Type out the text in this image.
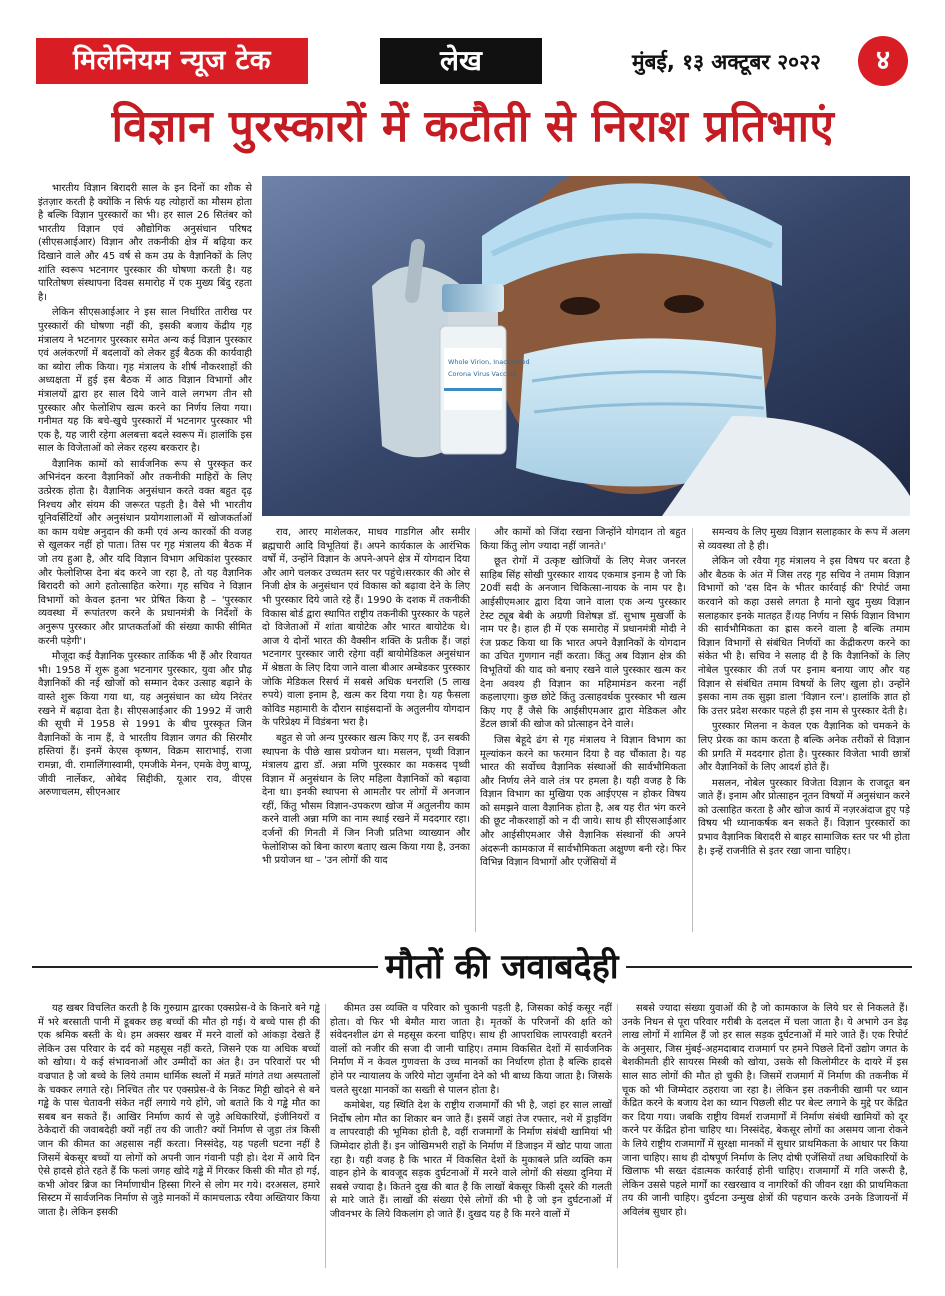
मिलेनियम न्यूज टेक	लेख	मुंबई, १३ अक्टूबर २०२२	४
विज्ञान पुरस्कारों में कटौती से निराश प्रतिभाएं

भारतीय विज्ञान बिरादरी साल के इन दिनों का शौक से इंतज़ार करती है क्योंकि न सिर्फ यह त्योहारों का मौसम होता है बल्कि विज्ञान पुरस्कारों का भी। हर साल 26 सितंबर को भारतीय विज्ञान एवं औद्योगिक अनुसंधान परिषद (सीएसआईआर) विज्ञान और तकनीकी क्षेत्र में बढ़िया कर दिखाने वाले और 45 वर्ष से कम उम्र के वैज्ञानिकों के लिए शांति स्वरूप भटनागर पुरस्कार की घोषणा करती है। यह पारितोषण संस्थापना दिवस समारोह में एक मुख्य बिंदु रहता है।

लेकिन सीएसआईआर ने इस साल निर्धारित तारीख पर पुरस्कारों की घोषणा नहीं की, इसकी बजाय केंद्रीय गृह मंत्रालय ने भटनागर पुरस्कार समेत अन्य कई विज्ञान पुरस्कार एवं अलंकरणों में बदलावों को लेकर हुई बैठक की कार्यवाही का ब्योरा लीक किया। गृह मंत्रालय के शीर्ष नौकरशाहों की अध्यक्षता में हुई इस बैठक में आठ विज्ञान विभागों और मंत्रालयों द्वारा हर साल दिये जाने वाले लगभग तीन सौ पुरस्कार और फेलोशिप खत्म करने का निर्णय लिया गया। गनीमत यह कि बचे-खुचे पुरस्कारों में भटनागर पुरस्कार भी एक है, यह जारी रहेगा अलबत्ता बदले स्वरूप में। हालांकि इस साल के विजेताओं को लेकर रहस्य बरकरार है।

वैज्ञानिक कामों को सार्वजनिक रूप से पुरस्कृत कर अभिनंदन करना वैज्ञानिकों और तकनीकी माहिरों के लिए उत्प्रेरक होता है। वैज्ञानिक अनुसंधान करते वक्त बहुत दृढ़ निश्चय और संयम की जरूरत पड़ती है। वैसे भी भारतीय यूनिवर्सिटियों और अनुसंधान प्रयोगशालाओं में खोजकर्ताओं का काम यथेष्ट अनुदान की कमी एवं अन्य कारकों की वजह से खुलकर नहीं हो पाता। तिस पर गृह मंत्रालय की बैठक में जो तय हुआ है, और यदि विज्ञान विभाग अधिकांश पुरस्कार और फेलोशिप्स देना बंद करने जा रहा है, तो यह वैज्ञानिक बिरादरी को आगे हतोत्साहित करेगा। गृह सचिव ने विज्ञान विभागों को केवल इतना भर प्रेषित किया है – 'पुरस्कार व्यवस्था में रूपांतरण करने के प्रधानमंत्री के निर्देशों के अनुरूप पुरस्कार और प्राप्तकर्ताओं की संख्या काफी सीमित करनी पड़ेगी'।

मौजूदा कई वैज्ञानिक पुरस्कार तार्किक भी हैं और रिवायत भी। 1958 में शुरू हुआ भटनागर पुरस्कार, युवा और प्रौढ़ वैज्ञानिकों की नई खोजों को सम्मान देकर उत्साह बढ़ाने के वास्ते शुरू किया गया था, यह अनुसंधान का ध्येय निरंतर रखने में बढ़ावा देता है। सीएसआईआर की 1992 में जारी की सूची में 1958 से 1991 के बीच पुरस्कृत जिन वैज्ञानिकों के नाम हैं, वे भारतीय विज्ञान जगत की सिरमौर हस्तियां हैं। इनमें केएस कृष्णन, विक्रम साराभाई, राजा रामन्ना, वी. रामालिंगास्वामी, एमजीके मेनन, एमके वेणु बाप्पू, जीवी नार्लेकर, ओबेद सिद्दीकी, यूआर राव, वीएस अरुणाचलम, सीएनआर

Whole Virion, Inactivated
Corona Virus Vaccine

राव, आरए माशेलकर, माधव गाडगिल और समीर ब्रह्मचारी आदि विभूतियां हैं। अपने कार्यकाल के आरंभिक वर्षों में, उन्होंने विज्ञान के अपने-अपने क्षेत्र में योगदान दिया और आगे चलकर उच्चतम स्तर पर पहुंचे।सरकार की ओर से निजी क्षेत्र के अनुसंधान एवं विकास को बढ़ावा देने के लिए भी पुरस्कार दिये जाते रहे हैं। 1990 के दशक में तकनीकी विकास बोर्ड द्वारा स्थापित राष्ट्रीय तकनीकी पुरस्कार के पहले दो विजेताओं में शांता बायोटेक और भारत बायोटेक थे। आज ये दोनों भारत की वैक्सीन शक्ति के प्रतीक हैं। जहां भटनागर पुरस्कार जारी रहेगा वहीं बायोमेडिकल अनुसंधान में श्रेष्ठता के लिए दिया जाने वाला बीआर अम्बेडकर पुरस्कार जोकि मेडिकल रिसर्च में सबसे अधिक धनराशि (5 लाख रुपये) वाला इनाम है, खत्म कर दिया गया है। यह फैसला कोविड महामारी के दौरान साइंसदानों के अतुलनीय योगदान के परिप्रेक्ष्य में विडंबना भरा है।

बहुत से जो अन्य पुरस्कार खत्म किए गए हैं, उन सबकी स्थापना के पीछे खास प्रयोजन था। मसलन, पृथ्वी विज्ञान मंत्रालय द्वारा डॉ. अन्ना मणि पुरस्कार का मकसद पृथ्वी विज्ञान में अनुसंधान के लिए महिला वैज्ञानिकों को बढ़ावा देना था। इनकी स्थापना से आमतौर पर लोगों में अनजान रहीं, किंतु भौसम विज्ञान-उपकरण खोज में अतुलनीय काम करने वाली अन्ना मणि का नाम स्थाई रखने में मददगार रहा। दर्जनों की गिनती में जिन निजी प्रतिभा व्याख्यान और फेलोशिप्स को बिना कारण बताए खत्म किया गया है, उनका भी प्रयोजन था – 'उन लोगों की याद

और कामों को जिंदा रखना जिन्होंने योगदान तो बहुत किया किंतु लोग ज्यादा नहीं जानते।'

छूत रोगों में उत्कृष्ट खोजियों के लिए मेजर जनरल साहिब सिंह सोखी पुरस्कार शायद एकमात्र इनाम है जो कि 20वीं सदी के अनजान चिकित्सा-नायक के नाम पर है। आईसीएमआर द्वारा दिया जाने वाला एक अन्य पुरस्कार टेस्ट ट्यूब बेबी के अग्रणी विशेषज्ञ डॉ. सुभाष मुखर्जी के नाम पर है। हाल ही में एक समारोह में प्रधानमंत्री मोदी ने रंज प्रकट किया था कि भारत अपने वैज्ञानिकों के योगदान का उचित गुणगान नहीं करता। किंतु अब विज्ञान क्षेत्र की विभूतियों की याद को बनाए रखने वाले पुरस्कार खत्म कर देना अवश्य ही विज्ञान का महिमामंडन करना नहीं कहलाएगा। कुछ छोटे किंतु उत्साहवर्धक पुरस्कार भी खत्म किए गए हैं जैसे कि आईसीएमआर द्वारा मेडिकल और डेंटल छात्रों की खोज को प्रोत्साहन देने वाले।

जिस बेहूदे ढंग से गृह मंत्रालय ने विज्ञान विभाग का मूल्यांकन करने का फरमान दिया है वह चौंकाता है। यह भारत की सर्वोच्च वैज्ञानिक संस्थाओं की सार्वभौमिकता और निर्णय लेने वाले तंत्र पर हमला है। यही वजह है कि विज्ञान विभाग का मुखिया एक आईएएस न होकर विषय को समझने वाला वैज्ञानिक होता है, अब यह रीत भंग करने की छूट नौकरशाहों को न दी जाये। साथ ही सीएसआईआर और आईसीएमआर जैसे वैज्ञानिक संस्थानों की अपने अंदरूनी कामकाज में सार्वभौमिकता अक्षुण्ण बनी रहे। फिर विभिन्न विज्ञान विभागों और एजेंसियों में

समन्वय के लिए मुख्य विज्ञान सलाहकार के रूप में अलग से व्यवस्था तो है ही।

लेकिन जो रवैया गृह मंत्रालय ने इस विषय पर बरता है और बैठक के अंत में जिस तरह गृह सचिव ने तमाम विज्ञान विभागों को 'दस दिन के भीतर कार्रवाई की' रिपोर्ट जमा करवाने को कहा उससे लगता है मानो खुद मुख्य विज्ञान सलाहकार इनके मातहत हैं।यह निर्णय न सिर्फ विज्ञान विभाग की सार्वभौमिकता का ह्रास करने वाला है बल्कि तमाम विज्ञान विभागों से संबंधित निर्णयों का केंद्रीकरण करने का संकेत भी है। सचिव ने सलाह दी है कि वैज्ञानिकों के लिए नोबेल पुरस्कार की तर्ज पर इनाम बनाया जाए और यह विज्ञान से संबंधित तमाम विषयों के लिए खुला हो। उन्होंने इसका नाम तक सुझा डाला 'विज्ञान रत्न'। हालांकि ज्ञात हो कि उत्तर प्रदेश सरकार पहले ही इस नाम से पुरस्कार देती है।

पुरस्कार मिलना न केवल एक वैज्ञानिक को चमकने के लिए प्रेरक का काम करता है बल्कि अनेक तरीकों से विज्ञान की प्रगति में मददगार होता है। पुरस्कार विजेता भावी छात्रों और वैज्ञानिकों के लिए आदर्श होते हैं।

मसलन, नोबेल पुरस्कार विजेता विज्ञान के राजदूत बन जाते हैं। इनाम और प्रोत्साहन नूतन विषयों में अनुसंधान करने को उत्साहित करता है और खोज कार्य में नज़रअंदाज हुए पड़े विषय भी ध्यानाकर्षक बन सकते हैं। विज्ञान पुरस्कारों का प्रभाव वैज्ञानिक बिरादरी से बाहर सामाजिक स्तर पर भी होता है। इन्हें राजनीति से इतर रखा जाना चाहिए।

मौतों की जवाबदेही

यह खबर विचलित करती है कि गुरुग्राम द्वारका एक्सप्रेस-वे के किनारे बने गड्ढे में भरे बरसाती पानी में डूबकर छह बच्चों की मौत हो गई। ये बच्चे पास ही की एक श्रमिक बस्ती के थे। हम अक्सर खबर में मरने वालों को आंकड़ा देखते हैं लेकिन उस परिवार के दर्द को महसूस नहीं करते, जिसने एक या अधिक बच्चों को खोया। ये कई संभावनाओं और उम्मीदों का अंत है। उन परिवारों पर भी वज्रपात है जो बच्चे के लिये तमाम धार्मिक स्थलों में मन्नतें मांगते तथा अस्पतालों के चक्कर लगाते रहे। निश्चित तौर पर एक्सप्रेस-वे के निकट मिट्टी खोदने से बने गड्ढे के पास चेतावनी संकेत नहीं लगाये गये होंगे, जो बताते कि ये गड्ढे मौत का सबब बन सकते हैं। आखिर निर्माण कार्य से जुड़े अधिकारियों, इंजीनियरों व ठेकेदारों की जवाबदेही क्यों नहीं तय की जाती? क्यों निर्माण से जुड़ा तंत्र किसी जान की कीमत का अहसास नहीं करता। निस्संदेह, यह पहली घटना नहीं है जिसमें बेकसूर बच्चों या लोगों को अपनी जान गंवानी पड़ी हो। देश में आये दिन ऐसे हादसे होते रहते हैं कि फलां जगह खोदे गड्ढे में गिरकर किसी की मौत हो गई, कभी ओवर ब्रिज का निर्माणाधीन हिस्सा गिरने से लोग मर गये। दरअसल, हमारे सिस्टम में सार्वजनिक निर्माण से जुड़े मानकों में कामचलाऊ रवैया अख्तियार किया जाता है। लेकिन इसकी

कीमत उस व्यक्ति व परिवार को चुकानी पड़ती है, जिसका कोई कसूर नहीं होता। वो फिर भी बेमौत मारा जाता है। मृतकों के परिजनों की क्षति को संवेदनशील ढंग से महसूस करना चाहिए। साथ ही आपराधिक लापरवाही बरतने वालों को नजीर की सजा दी जानी चाहिए। तमाम विकसित देशों में सार्वजनिक निर्माण में न केवल गुणवत्ता के उच्च मानकों का निर्धारण होता है बल्कि हादसे होने पर न्यायालय के जरिये मोटा जुर्माना देने को भी बाध्य किया जाता है। जिसके चलते सुरक्षा मानकों का सख्ती से पालन होता है।

कमोबेश, यह स्थिति देश के राष्ट्रीय राजमार्गों की भी है, जहां हर साल लाखों निर्दोष लोग मौत का शिकार बन जाते हैं। इसमें जहां तेज रफ्तार, नशे में ड्राइविंग व लापरवाही की भूमिका होती है, वहीं राजमार्गों के निर्माण संबंधी खामियां भी जिम्मेदार होती हैं। इन जोखिमभरी राहों के निर्माण में डिजाइन में खोट पाया जाता रहा है। यही वजह है कि भारत में विकसित देशों के मुकाबले प्रति व्यक्ति कम वाहन होने के बावजूद सड़क दुर्घटनाओं में मरने वाले लोगों की संख्या दुनिया में सबसे ज्यादा है। कितने दुख की बात है कि लाखों बेकसूर किसी दूसरे की गलती से मारे जाते हैं। लाखों की संख्या ऐसे लोगों की भी है जो इन दुर्घटनाओं में जीवनभर के लिये विकलांग हो जाते हैं। दुखद यह है कि मरने वालों में

सबसे ज्यादा संख्या युवाओं की है जो कामकाज के लिये घर से निकलते हैं। उनके निधन से पूरा परिवार गरीबी के दलदल में चला जाता है। ये अभागे उन डेढ़ लाख लोगों में शामिल हैं जो हर साल सड़क दुर्घटनाओं में मारे जाते हैं। एक रिपोर्ट के अनुसार, जिस मुंबई-अहमदाबाद राजमार्ग पर हमने पिछले दिनों उद्योग जगत के बेशकीमती हीरे सायरस मिस्त्री को खोया, उसके सौ किलोमीटर के दायरे में इस साल साठ लोगों की मौत हो चुकी है। जिसमें राजमार्ग में निर्माण की तकनीक में चूक को भी जिम्मेदार ठहराया जा रहा है। लेकिन इस तकनीकी खामी पर ध्यान केंद्रित करने के बजाय देश का ध्यान पिछली सीट पर बेल्ट लगाने के मुद्दे पर केंद्रित कर दिया गया। जबकि राष्ट्रीय विमर्श राजमार्गों में निर्माण संबंधी खामियों को दूर करने पर केंद्रित होना चाहिए था। निस्संदेह, बेकसूर लोगों का असमय जाना रोकने के लिये राष्ट्रीय राजमार्गों में सुरक्षा मानकों में सुधार प्राथमिकता के आधार पर किया जाना चाहिए। साथ ही दोषपूर्ण निर्माण के लिए दोषी एजेंसियों तथा अधिकारियों के खिलाफ भी सख्त दंडात्मक कार्रवाई होनी चाहिए। राजमार्गों में गति जरूरी है, लेकिन उससे पहले मार्गों का रखरखाव व नागरिकों की जीवन रक्षा की प्राथमिकता तय की जानी चाहिए। दुर्घटना उन्मुख क्षेत्रों की पहचान करके उनके डिजायनों में अविलंब सुधार हो।
